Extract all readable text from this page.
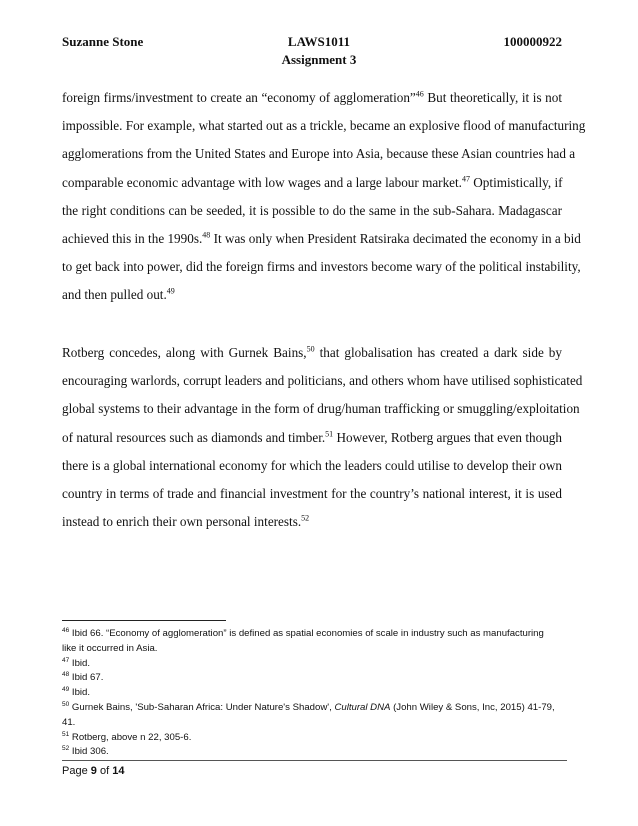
Suzanne Stone	LAWS1011
Assignment 3
100000922
foreign firms/investment to create an “economy of agglomeration”$^{46}$ But theoretically, it is not
impossible. For example, what started out as a trickle, became an explosive flood of manufacturing
agglomerations from the United States and Europe into Asia, because these Asian countries had a
comparable economic advantage with low wages and a large labour market.$^{47}$ Optimistically, if
the right conditions can be seeded, it is possible to do the same in the sub-Sahara. Madagascar
achieved this in the 1990s.$^{48}$ It was only when President Ratsiraka decimated the economy in a bid
to get back into power, did the foreign firms and investors become wary of the political instability,
and then pulled out.$^{49}$
Rotberg concedes, along with Gurnek Bains,$^{50}$ that globalisation has created a dark side by
encouraging warlords, corrupt leaders and politicians, and others whom have utilised sophisticated
global systems to their advantage in the form of drug/human trafficking or smuggling/exploitation
of natural resources such as diamonds and timber.$^{51}$ However, Rotberg argues that even though
there is a global international economy for which the leaders could utilise to develop their own
country in terms of trade and financial investment for the country’s national interest, it is used
instead to enrich their own personal interests.$^{52}$
$^{46}$ Ibid 66. “Economy of agglomeration” is defined as spatial economies of scale in industry such as manufacturing
like it occurred in Asia.
$^{47}$ Ibid.
$^{48}$ Ibid 67.
$^{49}$ Ibid.
$^{50}$ Gurnek Bains, 'Sub-Saharan Africa: Under Nature's Shadow', Cultural DNA (John Wiley & Sons, Inc, 2015) 41-79,
41.
$^{51}$ Rotberg, above n 22, 305-6.
$^{52}$ Ibid 306.
Page 9 of 14
